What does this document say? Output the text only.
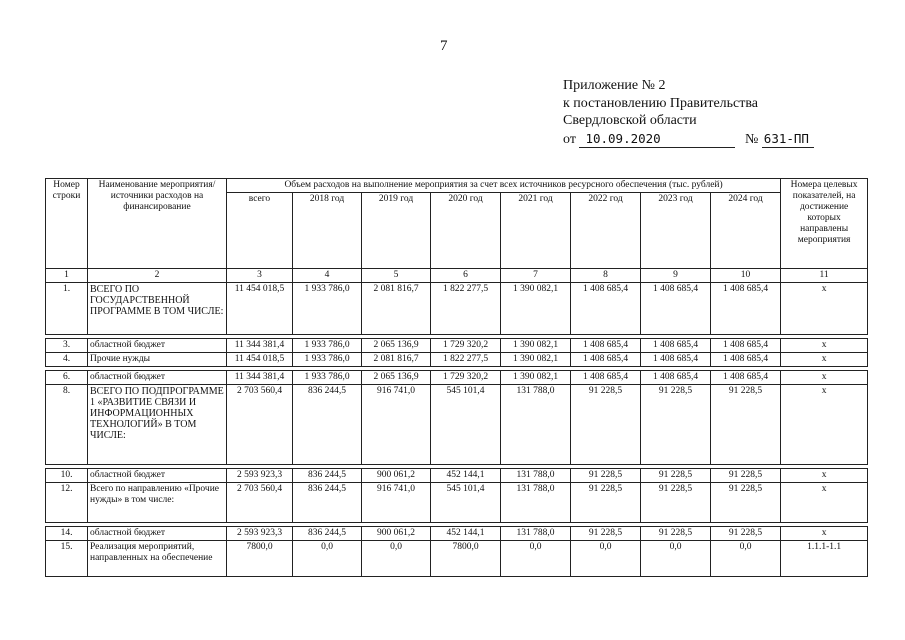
7
Приложение № 2
к постановлению Правительства
Свердловской области
от 10.09.2020	№ 631-ПП
Номер строки	Наименование мероприятия/ источники расходов на финансирование	Объем расходов на выполнение мероприятия за счет всех источников ресурсного обеспечения (тыс. рублей)								Номера целевых показателей, на достижение которых направлены мероприятия
		всего	2018 год	2019 год	2020 год	2021 год	2022 год	2023 год	2024 год	
1	2	3	4	5	6	7	8	9	10	11
1.	ВСЕГО ПО ГОСУДАРСТВЕННОЙ ПРОГРАММЕ В ТОМ ЧИСЛЕ:	11 454 018,5	1 933 786,0	2 081 816,7	1 822 277,5	1 390 082,1	1 408 685,4	1 408 685,4	1 408 685,4	x

3.	областной бюджет	11 344 381,4	1 933 786,0	2 065 136,9	1 729 320,2	1 390 082,1	1 408 685,4	1 408 685,4	1 408 685,4	x
4.	Прочие нужды	11 454 018,5	1 933 786,0	2 081 816,7	1 822 277,5	1 390 082,1	1 408 685,4	1 408 685,4	1 408 685,4	x

6.	областной бюджет	11 344 381,4	1 933 786,0	2 065 136,9	1 729 320,2	1 390 082,1	1 408 685,4	1 408 685,4	1 408 685,4	x
8.	ВСЕГО ПО ПОДПРОГРАММЕ 1 «РАЗВИТИЕ СВЯЗИ И ИНФОРМАЦИОННЫХ ТЕХНОЛОГИЙ» В ТОМ ЧИСЛЕ:	2 703 560,4	836 244,5	916 741,0	545 101,4	131 788,0	91 228,5	91 228,5	91 228,5	x

10.	областной бюджет	2 593 923,3	836 244,5	900 061,2	452 144,1	131 788,0	91 228,5	91 228,5	91 228,5	x
12.	Всего по направлению «Прочие нужды» в том числе:	2 703 560,4	836 244,5	916 741,0	545 101,4	131 788,0	91 228,5	91 228,5	91 228,5	x

14.	областной бюджет	2 593 923,3	836 244,5	900 061,2	452 144,1	131 788,0	91 228,5	91 228,5	91 228,5	x
15.	Реализация мероприятий, направленных на обеспечение	7800,0	0,0	0,0	7800,0	0,0	0,0	0,0	0,0	1.1.1-1.1
